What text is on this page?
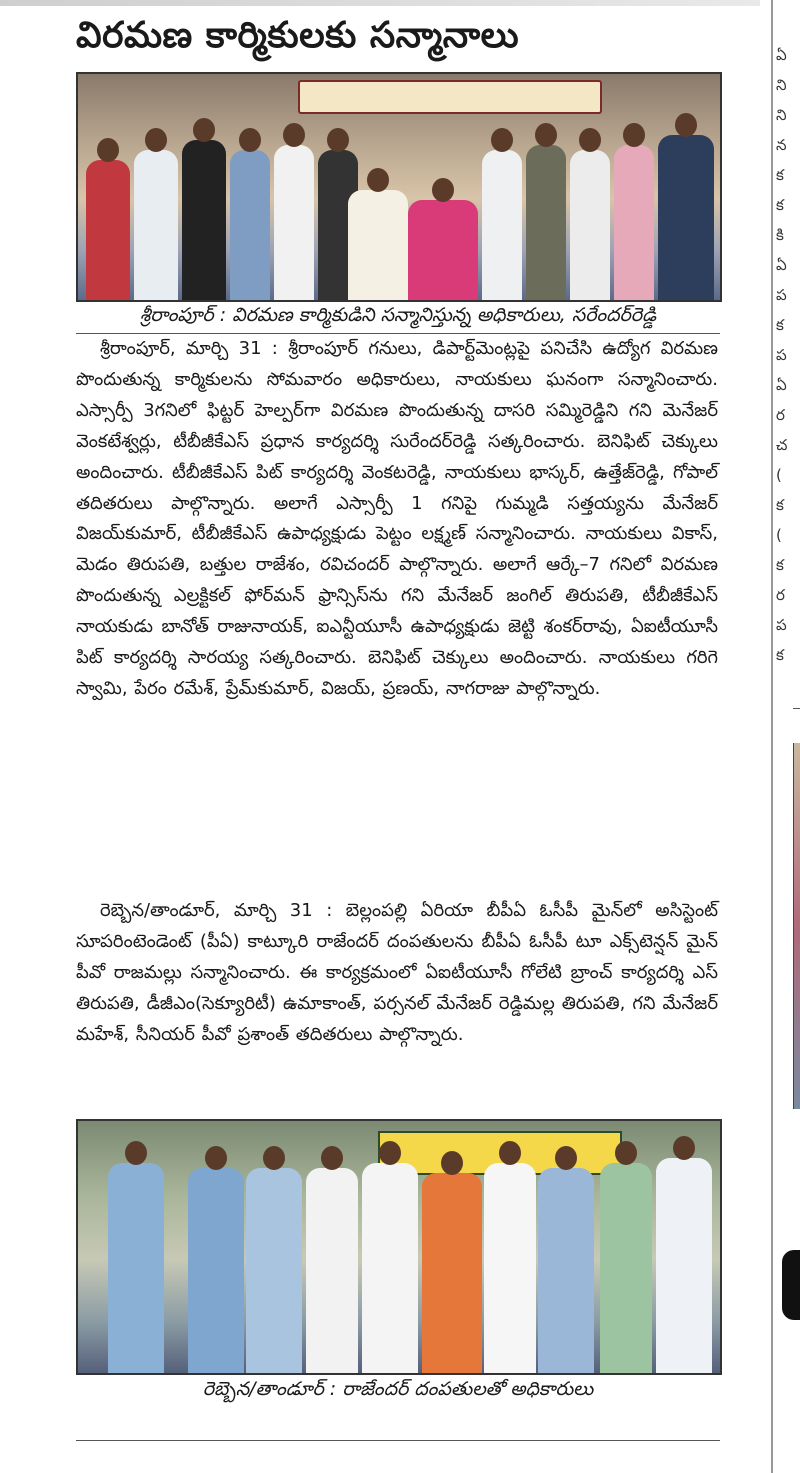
విరమణ కార్మికులకు సన్మానాలు

శ్రీరాంపూర్ : విరమణ కార్మికుడిని సన్మానిస్తున్న అధికారులు, సరేందర్‌రెడ్డి

శ్రీరాంపూర్, మార్చి 31 : శ్రీరాంపూర్ గనులు, డిపార్ట్‌మెంట్లపై పనిచేసి ఉద్యోగ విరమణ పొందుతున్న కార్మికులను సోమవారం అధికారులు, నాయకులు ఘనంగా సన్మానించారు. ఎస్సార్పీ 3గనిలో ఫిట్టర్ హెల్పర్‌గా విరమణ పొందుతున్న దాసరి సమ్మిరెడ్డిని గని మెనేజర్ వెంకటేశ్వర్లు, టీబీజీకేఎస్ ప్రధాన కార్యదర్శి సురేందర్‌రెడ్డి సత్కరించారు. బెనిఫిట్ చెక్కులు అందించారు. టీబీజీకేఎస్ పిట్ కార్యదర్శి వెంకటరెడ్డి, నాయకులు భాస్కర్, ఉత్తేజ్‌రెడ్డి, గోపాల్ తదితరులు పాల్గొన్నారు. అలాగే ఎస్సార్పీ 1 గనిపై గుమ్మడి సత్తయ్యను మేనేజర్ విజయ్‌కుమార్, టీబీజీకేఎస్ ఉపాధ్యక్షుడు పెట్టం లక్ష్మణ్ సన్మానించారు. నాయకులు వికాస్, మెడం తిరుపతి, బత్తుల రాజేశం, రవిచందర్ పాల్గొన్నారు. అలాగే ఆర్కే–7 గనిలో విరమణ పొందుతున్న ఎల్రక్టికల్ ఫోర్‌మన్ ఫ్రాన్సిస్‌ను గని మేనేజర్ జంగిల్ తిరుపతి, టీబీజీకేఎస్ నాయకుడు బానోత్ రాజునాయక్, ఐఎన్టీయూసీ ఉపాధ్యక్షుడు జెట్టి శంకర్‌రావు, ఏఐటీయూసీ పిట్ కార్యదర్శి సారయ్య సత్కరించారు. బెనిఫిట్ చెక్కులు అందించారు. నాయకులు గరిగె స్వామి, పేరం రమేశ్, ప్రేమ్‌కుమార్, విజయ్, ప్రణయ్, నాగరాజు పాల్గొన్నారు.

రెబ్బెన/తాండూర్, మార్చి 31 : బెల్లంపల్లి ఏరియా బీపీఏ ఓసీపీ మైన్‌లో అసిస్టెంట్ సూపరింటెండెంట్ (పీఏ) కాట్కూరి రాజేందర్ దంపతులను బీపీఏ ఓసీపీ టూ ఎక్స్‌టెన్షన్ మైన్ పీవో రాజమల్లు సన్మానించారు. ఈ కార్యక్రమంలో ఏఐటీయూసీ గోలేటి బ్రాంచ్ కార్యదర్శి ఎస్ తిరుపతి, డీజీఎం(సెక్యూరిటీ) ఉమాకాంత్, పర్సనల్ మేనేజర్ రెడ్డిమల్ల తిరుపతి, గని మేనేజర్ మహేశ్, సీనియర్ పీవో ప్రశాంత్ తదితరులు పాల్గొన్నారు.

రెబ్బెన/తాండూర్ : రాజేందర్ దంపతులతో అధికారులు

ఏ
ని
ని
న
క
క
కి
ఏ
ప
క
ప
ఏ
ర
చ
(
క
(
క
ర
ప
క
